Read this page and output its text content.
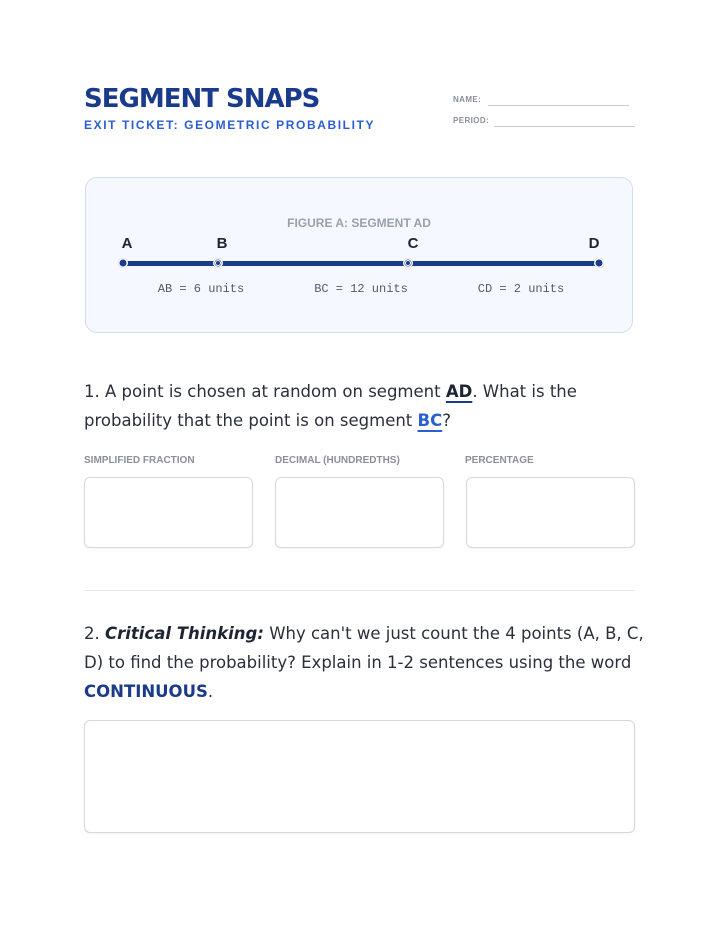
SEGMENT SNAPS
EXIT TICKET: GEOMETRIC PROBABILITY
NAME:
PERIOD:
FIGURE A: SEGMENT AD
A	B	C	D
AB = 6 units	BC = 12 units	CD = 2 units

1. A point is chosen at random on segment AD. What is the probability that the point is on segment BC?

SIMPLIFIED FRACTION	DECIMAL (HUNDREDTHS)	PERCENTAGE

2. Critical Thinking: Why can't we just count the 4 points (A, B, C, D) to find the probability? Explain in 1-2 sentences using the word CONTINUOUS.
